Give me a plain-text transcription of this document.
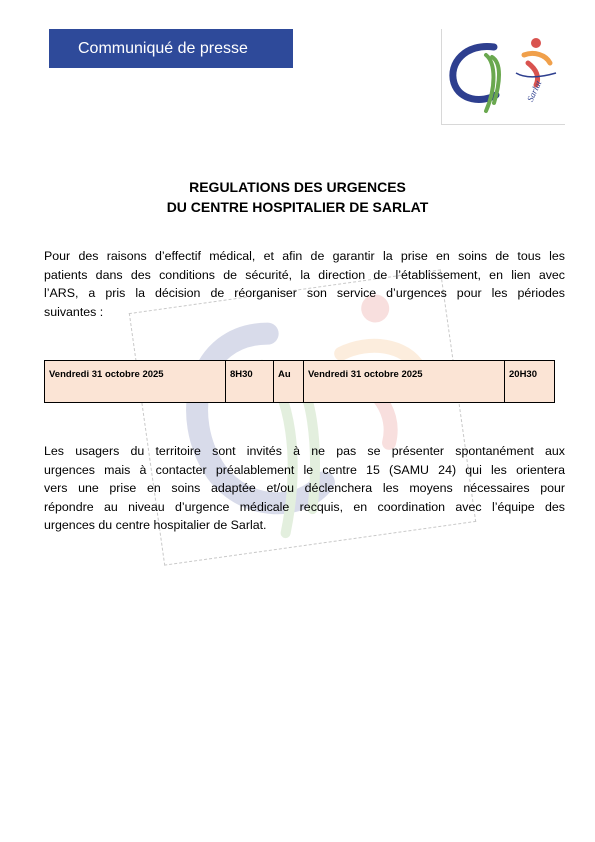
Communiqué de presse
Sarlat
REGULATIONS DES URGENCES
DU CENTRE HOSPITALIER DE SARLAT
Pour des raisons d’effectif médical, et afin de garantir la prise en soins de tous les
patients dans des conditions de sécurité, la direction de l’établissement, en lien avec
l’ARS, a pris la décision de réorganiser son service d’urgences pour les périodes
suivantes :
Vendredi 31 octobre 2025	8H30	Au	Vendredi 31 octobre 2025	20H30
Les usagers du territoire sont invités à ne pas se présenter spontanément aux
urgences mais à contacter préalablement le centre 15 (SAMU 24) qui les orientera
vers une prise en soins adaptée et/ou déclenchera les moyens nécessaires pour
répondre au niveau d’urgence médicale recquis, en coordination avec l’équipe des
urgences du centre hospitalier de Sarlat.
